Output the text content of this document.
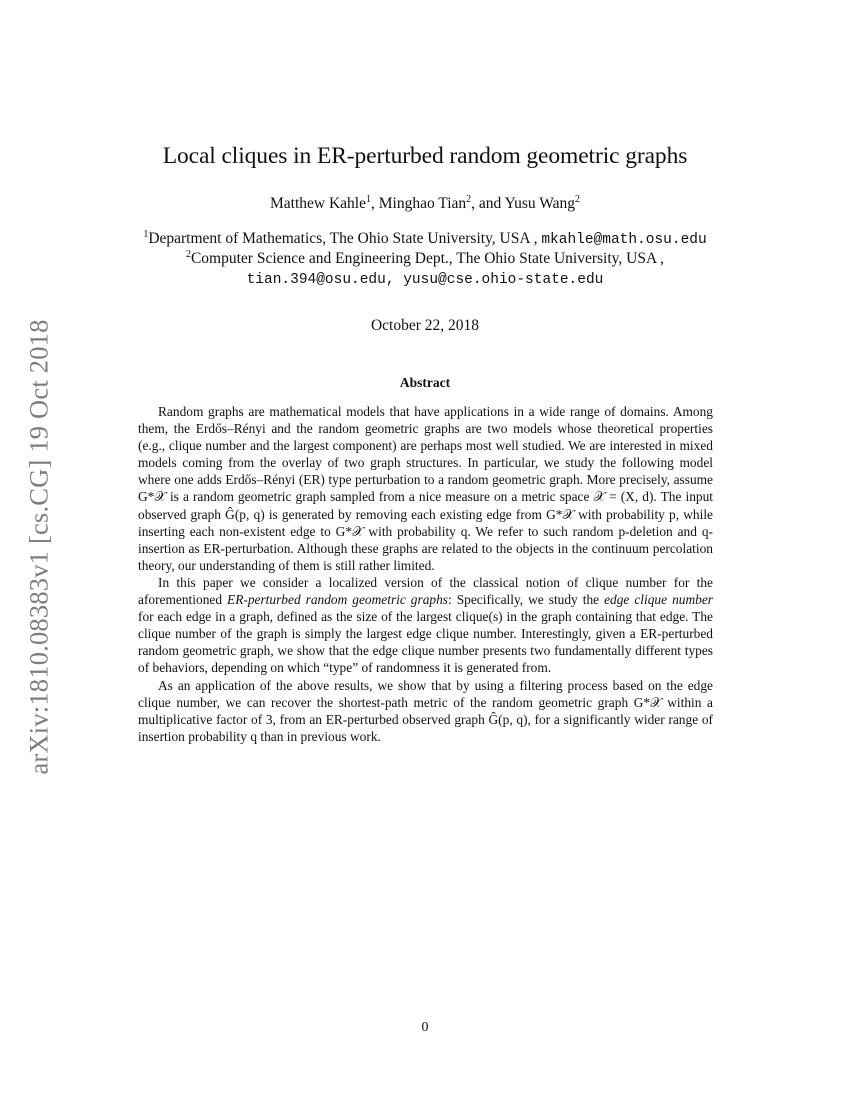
arXiv:1810.08383v1 [cs.CG] 19 Oct 2018
Local cliques in ER-perturbed random geometric graphs
Matthew Kahle$^1$, Minghao Tian$^2$, and Yusu Wang$^2$
$^1$Department of Mathematics, The Ohio State University, USA , mkahle@math.osu.edu
$^2$Computer Science and Engineering Dept., The Ohio State University, USA ,
tian.394@osu.edu, yusu@cse.ohio-state.edu
October 22, 2018
Abstract

Random graphs are mathematical models that have applications in a wide range of domains. Among them, the Erdős–Rényi and the random geometric graphs are two models whose theoretical properties (e.g., clique number and the largest component) are perhaps most well studied. We are interested in mixed models coming from the overlay of two graph structures. In particular, we study the following model where one adds Erdős–Rényi (ER) type perturbation to a random geometric graph. More precisely, assume G*𝒳 is a random geometric graph sampled from a nice measure on a metric space 𝒳 = (X, d). The input observed graph Ĝ(p, q) is generated by removing each existing edge from G*𝒳 with probability p, while inserting each non-existent edge to G*𝒳 with probability q. We refer to such random p-deletion and q-insertion as ER-perturbation. Although these graphs are related to the objects in the continuum percolation theory, our understanding of them is still rather limited.

In this paper we consider a localized version of the classical notion of clique number for the aforementioned ER-perturbed random geometric graphs: Specifically, we study the edge clique number for each edge in a graph, defined as the size of the largest clique(s) in the graph containing that edge. The clique number of the graph is simply the largest edge clique number. Interestingly, given a ER-perturbed random geometric graph, we show that the edge clique number presents two fundamentally different types of behaviors, depending on which “type” of randomness it is generated from.

As an application of the above results, we show that by using a filtering process based on the edge clique number, we can recover the shortest-path metric of the random geometric graph G*𝒳 within a multiplicative factor of 3, from an ER-perturbed observed graph Ĝ(p, q), for a significantly wider range of insertion probability q than in previous work.

0
